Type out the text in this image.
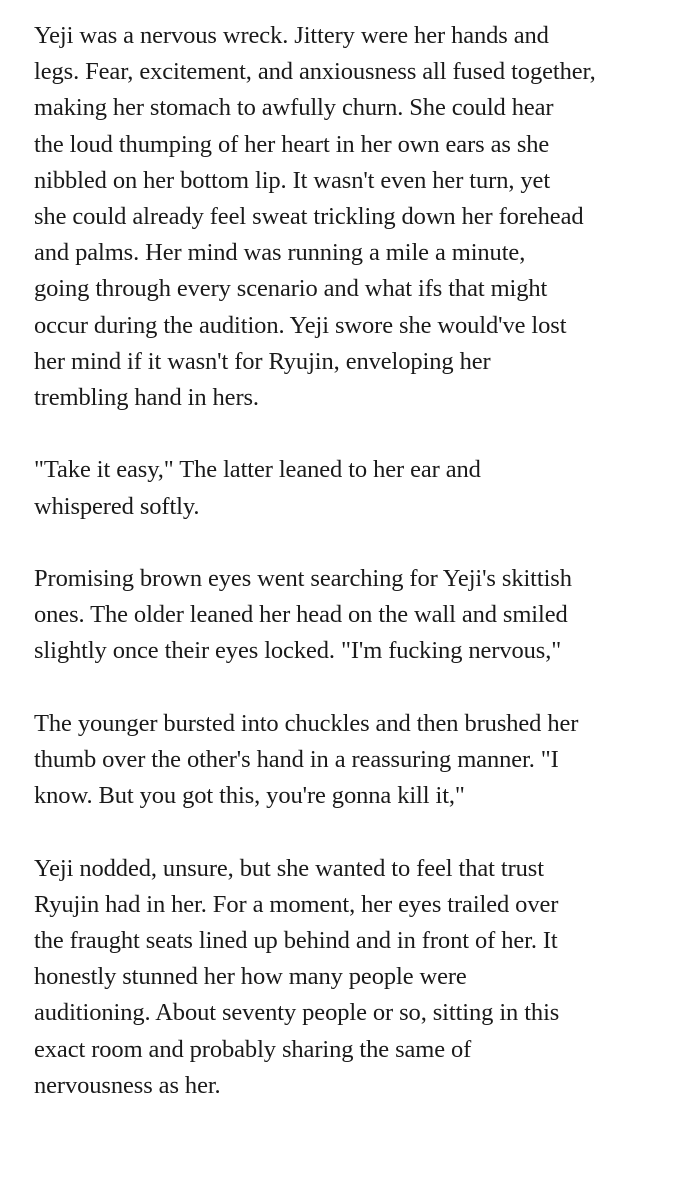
Yeji was a nervous wreck. Jittery were her hands and
legs. Fear, excitement, and anxiousness all fused together,
making her stomach to awfully churn. She could hear
the loud thumping of her heart in her own ears as she
nibbled on her bottom lip. It wasn't even her turn, yet
she could already feel sweat trickling down her forehead
and palms. Her mind was running a mile a minute,
going through every scenario and what ifs that might
occur during the audition. Yeji swore she would've lost
her mind if it wasn't for Ryujin, enveloping her
trembling hand in hers.

"Take it easy," The latter leaned to her ear and
whispered softly.

Promising brown eyes went searching for Yeji's skittish
ones. The older leaned her head on the wall and smiled
slightly once their eyes locked. "I'm fucking nervous,"

The younger bursted into chuckles and then brushed her
thumb over the other's hand in a reassuring manner. "I
know. But you got this, you're gonna kill it,"

Yeji nodded, unsure, but she wanted to feel that trust
Ryujin had in her. For a moment, her eyes trailed over
the fraught seats lined up behind and in front of her. It
honestly stunned her how many people were
auditioning. About seventy people or so, sitting in this
exact room and probably sharing the same of
nervousness as her.
